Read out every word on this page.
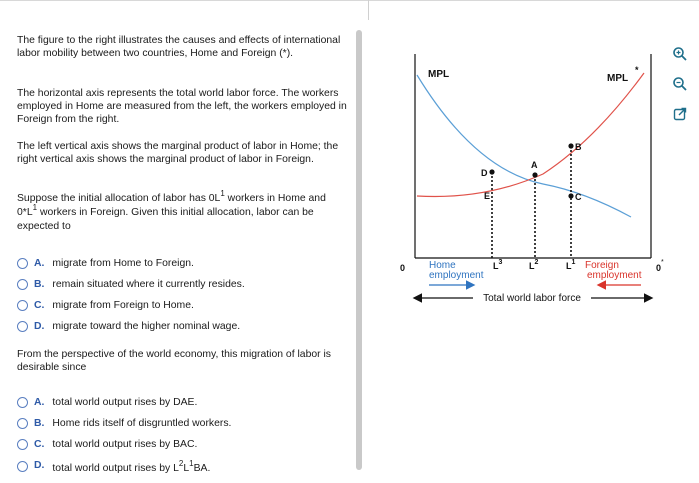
The figure to the right illustrates the causes and effects of international labor mobility between two countries, Home and Foreign (*).

The horizontal axis represents the total world labor force. The workers employed in Home are measured from the left, the workers employed in Foreign from the right.

The left vertical axis shows the marginal product of labor in Home; the right vertical axis shows the marginal product of labor in Foreign.

Suppose the initial allocation of labor has $0L^1$ workers in Home and $0*L^1$ workers in Foreign. Given this initial allocation, labor can be expected to

A. migrate from Home to Foreign.
B. remain situated where it currently resides.
C. migrate from Foreign to Home.
D. migrate toward the higher nominal wage.

From the perspective of the world economy, this migration of labor is desirable since

A. total world output rises by DAE.
B. Home rids itself of disgruntled workers.
C. total world output rises by BAC.
D. total world output rises by $L^2L^1BA$.
MPL	MPL
*
D
B
A
E	C
0	0
*
Home
employment
Foreign
employment
$L^3$	$L^2$	$L^1$
Total world labor force
